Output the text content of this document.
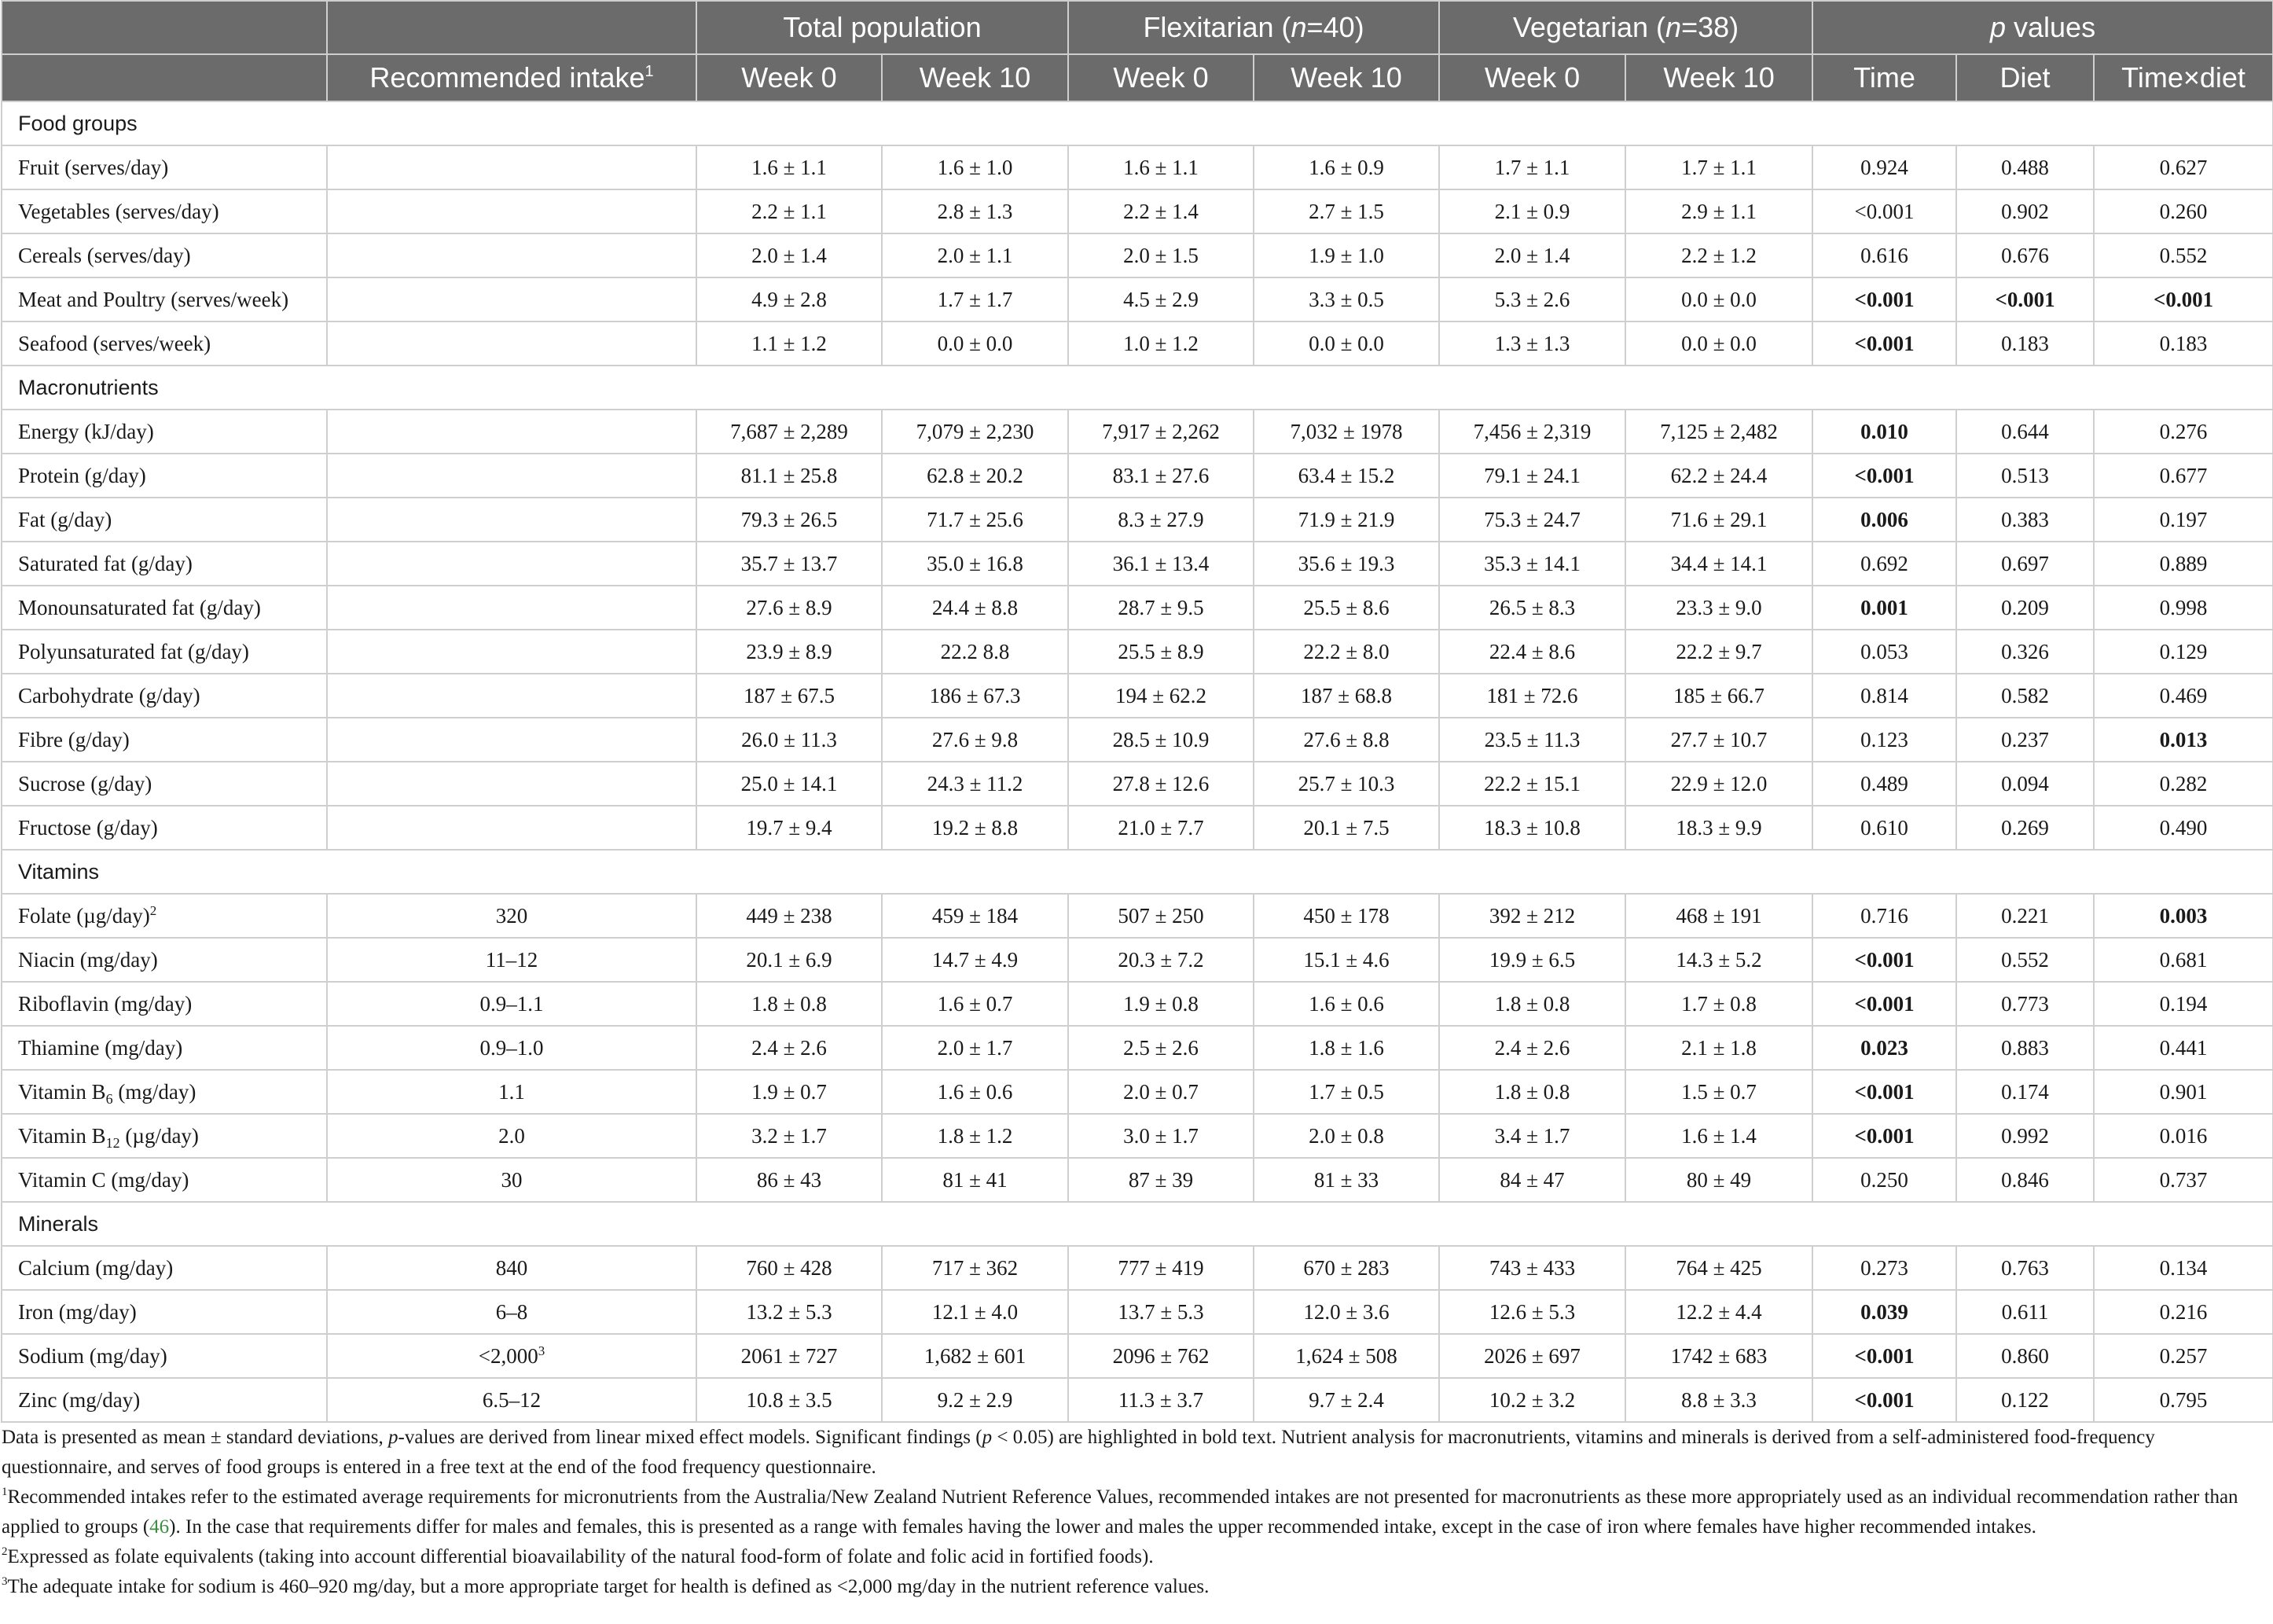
		Total population		Flexitarian (n=40)		Vegetarian (n=38)		p values		
	Recommended intake$^1$	Week 0	Week 10	Week 0	Week 10	Week 0	Week 10	Time	Diet	Time×diet
Food groups										
Fruit (serves/day)		1.6 ± 1.1	1.6 ± 1.0	1.6 ± 1.1	1.6 ± 0.9	1.7 ± 1.1	1.7 ± 1.1	0.924	0.488	0.627
Vegetables (serves/day)		2.2 ± 1.1	2.8 ± 1.3	2.2 ± 1.4	2.7 ± 1.5	2.1 ± 0.9	2.9 ± 1.1	<0.001	0.902	0.260
Cereals (serves/day)		2.0 ± 1.4	2.0 ± 1.1	2.0 ± 1.5	1.9 ± 1.0	2.0 ± 1.4	2.2 ± 1.2	0.616	0.676	0.552
Meat and Poultry (serves/week)		4.9 ± 2.8	1.7 ± 1.7	4.5 ± 2.9	3.3 ± 0.5	5.3 ± 2.6	0.0 ± 0.0	<0.001	<0.001	<0.001
Seafood (serves/week)		1.1 ± 1.2	0.0 ± 0.0	1.0 ± 1.2	0.0 ± 0.0	1.3 ± 1.3	0.0 ± 0.0	<0.001	0.183	0.183
Macronutrients										
Energy (kJ/day)		7,687 ± 2,289	7,079 ± 2,230	7,917 ± 2,262	7,032 ± 1978	7,456 ± 2,319	7,125 ± 2,482	0.010	0.644	0.276
Protein (g/day)		81.1 ± 25.8	62.8 ± 20.2	83.1 ± 27.6	63.4 ± 15.2	79.1 ± 24.1	62.2 ± 24.4	<0.001	0.513	0.677
Fat (g/day)		79.3 ± 26.5	71.7 ± 25.6	8.3 ± 27.9	71.9 ± 21.9	75.3 ± 24.7	71.6 ± 29.1	0.006	0.383	0.197
Saturated fat (g/day)		35.7 ± 13.7	35.0 ± 16.8	36.1 ± 13.4	35.6 ± 19.3	35.3 ± 14.1	34.4 ± 14.1	0.692	0.697	0.889
Monounsaturated fat (g/day)		27.6 ± 8.9	24.4 ± 8.8	28.7 ± 9.5	25.5 ± 8.6	26.5 ± 8.3	23.3 ± 9.0	0.001	0.209	0.998
Polyunsaturated fat (g/day)		23.9 ± 8.9	22.2 8.8	25.5 ± 8.9	22.2 ± 8.0	22.4 ± 8.6	22.2 ± 9.7	0.053	0.326	0.129
Carbohydrate (g/day)		187 ± 67.5	186 ± 67.3	194 ± 62.2	187 ± 68.8	181 ± 72.6	185 ± 66.7	0.814	0.582	0.469
Fibre (g/day)		26.0 ± 11.3	27.6 ± 9.8	28.5 ± 10.9	27.6 ± 8.8	23.5 ± 11.3	27.7 ± 10.7	0.123	0.237	0.013
Sucrose (g/day)		25.0 ± 14.1	24.3 ± 11.2	27.8 ± 12.6	25.7 ± 10.3	22.2 ± 15.1	22.9 ± 12.0	0.489	0.094	0.282
Fructose (g/day)		19.7 ± 9.4	19.2 ± 8.8	21.0 ± 7.7	20.1 ± 7.5	18.3 ± 10.8	18.3 ± 9.9	0.610	0.269	0.490
Vitamins										
Folate $(\mu g/day)^2$	320	449 ± 238	459 ± 184	507 ± 250	450 ± 178	392 ± 212	468 ± 191	0.716	0.221	0.003
Niacin (mg/day)	11–12	20.1 ± 6.9	14.7 ± 4.9	20.3 ± 7.2	15.1 ± 4.6	19.9 ± 6.5	14.3 ± 5.2	<0.001	0.552	0.681
Riboflavin (mg/day)	0.9–1.1	1.8 ± 0.8	1.6 ± 0.7	1.9 ± 0.8	1.6 ± 0.6	1.8 ± 0.8	1.7 ± 0.8	<0.001	0.773	0.194
Thiamine (mg/day)	0.9–1.0	2.4 ± 2.6	2.0 ± 1.7	2.5 ± 2.6	1.8 ± 1.6	2.4 ± 2.6	2.1 ± 1.8	0.023	0.883	0.441
Vitamin $B_6$ (mg/day)	1.1	1.9 ± 0.7	1.6 ± 0.6	2.0 ± 0.7	1.7 ± 0.5	1.8 ± 0.8	1.5 ± 0.7	<0.001	0.174	0.901
Vitamin $B_{12}$ (µg/day)	2.0	3.2 ± 1.7	1.8 ± 1.2	3.0 ± 1.7	2.0 ± 0.8	3.4 ± 1.7	1.6 ± 1.4	<0.001	0.992	0.016
Vitamin C (mg/day)	30	86 ± 43	81 ± 41	87 ± 39	81 ± 33	84 ± 47	80 ± 49	0.250	0.846	0.737
Minerals										
Calcium (mg/day)	840	760 ± 428	717 ± 362	777 ± 419	670 ± 283	743 ± 433	764 ± 425	0.273	0.763	0.134
Iron (mg/day)	6–8	13.2 ± 5.3	12.1 ± 4.0	13.7 ± 5.3	12.0 ± 3.6	12.6 ± 5.3	12.2 ± 4.4	0.039	0.611	0.216
Sodium (mg/day)	$<2,000^3$	2061 ± 727	1,682 ± 601	2096 ± 762	1,624 ± 508	2026 ± 697	1742 ± 683	<0.001	0.860	0.257
Zinc (mg/day)	6.5–12	10.8 ± 3.5	9.2 ± 2.9	11.3 ± 3.7	9.7 ± 2.4	10.2 ± 3.2	8.8 ± 3.3	<0.001	0.122	0.795

Data is presented as mean ± standard deviations, p-values are derived from linear mixed effect models. Significant findings (p < 0.05) are highlighted in bold text. Nutrient analysis for macronutrients, vitamins and minerals is derived from a self-administered food-frequency questionnaire, and serves of food groups is entered in a free text at the end of the food frequency questionnaire.

$^1$Recommended intakes refer to the estimated average requirements for micronutrients from the Australia/New Zealand Nutrient Reference Values, recommended intakes are not presented for macronutrients as these more appropriately used as an individual recommendation rather than applied to groups (46). In the case that requirements differ for males and females, this is presented as a range with females having the lower and males the upper recommended intake, except in the case of iron where females have higher recommended intakes.

$^2$Expressed as folate equivalents (taking into account differential bioavailability of the natural food-form of folate and folic acid in fortified foods).

$^3$The adequate intake for sodium is 460–920 mg/day, but a more appropriate target for health is defined as <2,000 mg/day in the nutrient reference values.
